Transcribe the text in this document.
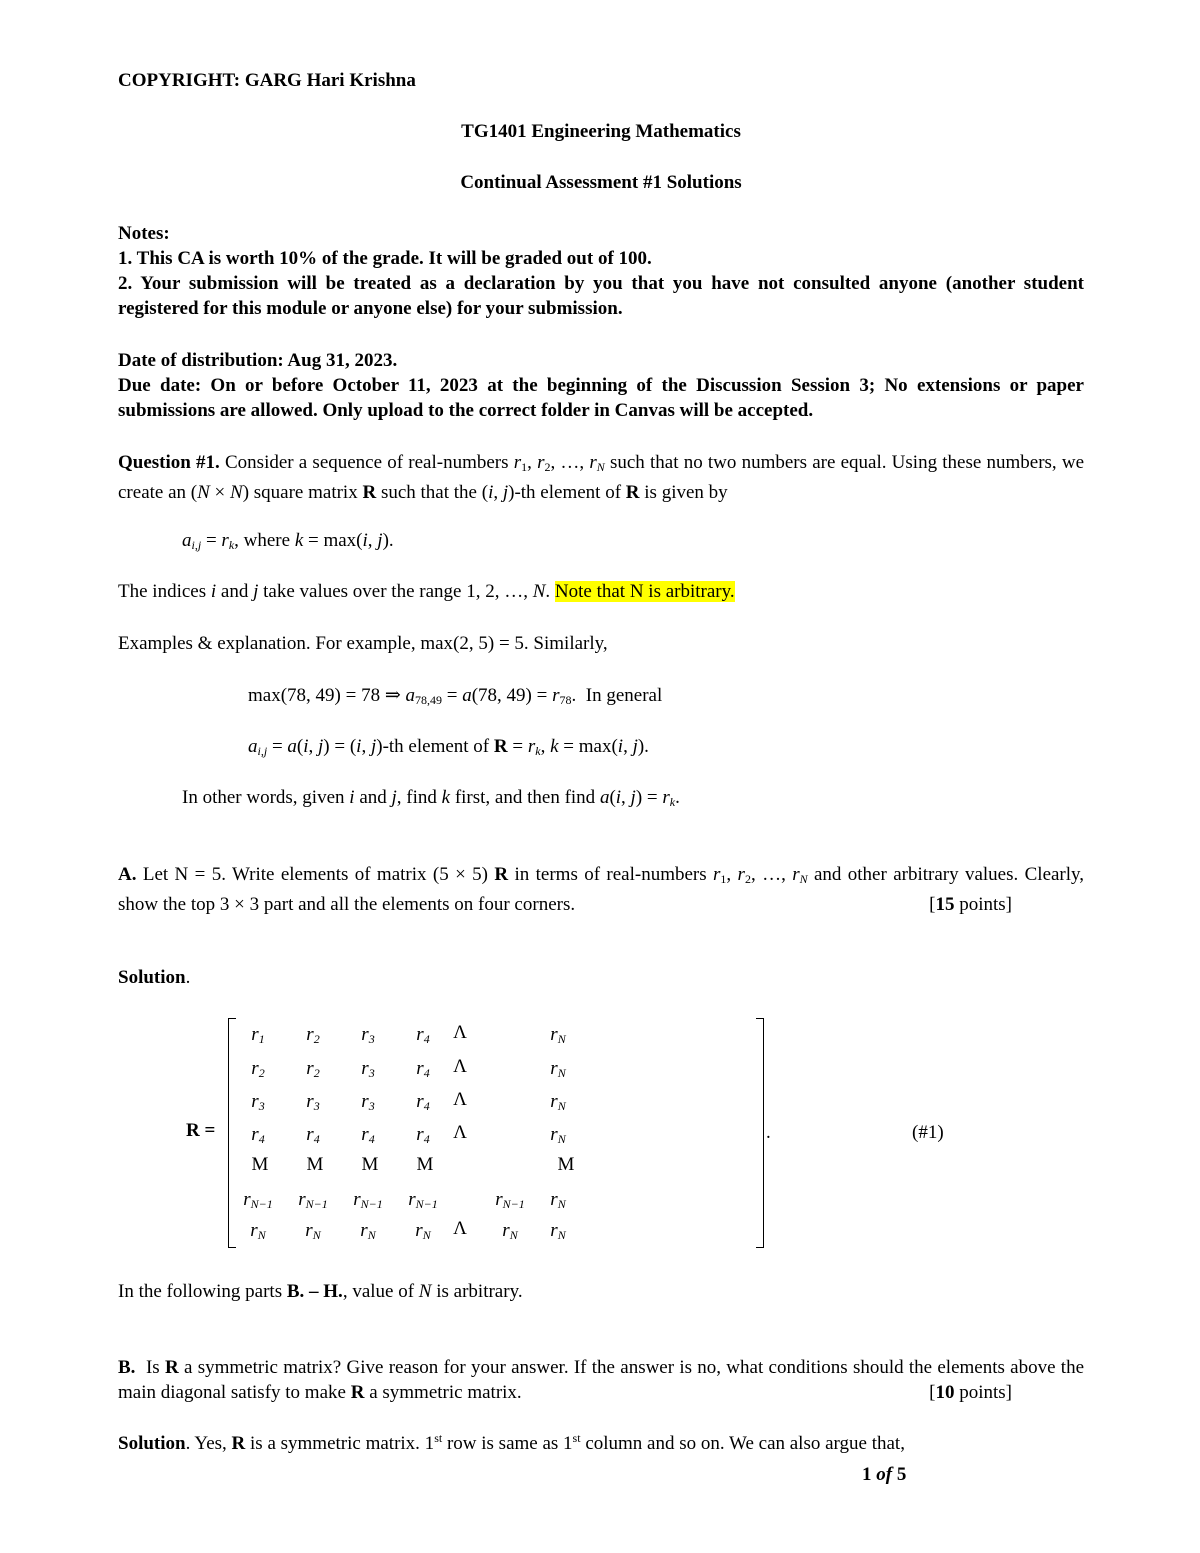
COPYRIGHT: GARG Hari Krishna
TG1401 Engineering Mathematics
Continual Assessment #1 Solutions
Notes:
1. This CA is worth 10% of the grade. It will be graded out of 100.
2. Your submission will be treated as a declaration by you that you have not consulted anyone (another student registered for this module or anyone else) for your submission.
Date of distribution: Aug 31, 2023.
Due date: On or before October 11, 2023 at the beginning of the Discussion Session 3; No extensions or paper submissions are allowed. Only upload to the correct folder in Canvas will be accepted.
Question #1. Consider a sequence of real-numbers $r_1$, $r_2$, …, $r_N$ such that no two numbers are equal. Using these numbers, we create an (N × N) square matrix R such that the (i, j)-th element of R is given by
$a_{i,j} = r_k$, where k = max(i, j).
The indices i and j take values over the range 1, 2, …, N. Note that N is arbitrary.
Examples & explanation. For example, max(2, 5) = 5. Similarly,
max(78, 49) = 78 ⇒ $a_{78,49} = a(78$, $49) = r_{78}$.  In general
$a_{i,j} = a(i$, j) = (i, j)-th element of $R = r_k$, k = max(i, j).
In other words, given i and j, find k first, and then find a(i, $j) = r_k$.
A. Let N = 5. Write elements of matrix (5 × 5) R in terms of real-numbers $r_1$, $r_2$, …, $r_N$ and other arbitrary values. Clearly, show the top 3 × 3 part and all the elements on four corners.	[15 points]
Solution.
R =
$r_1$	$r_2$	$r_3$	$r_4$	Λ	$r_N$
$r_2$	$r_2$	$r_3$	$r_4$	Λ	$r_N$
$r_3$	$r_3$	$r_3$	$r_4$	Λ	$r_N$
$r_4$	$r_4$	$r_4$	$r_4$	Λ	$r_N$	.
M	M	M	M	M
$r_{N-1}$	$r_{N-1}$	$r_{N-1}$	$r_{N-1}$	$r_{N-1}$	$r_N$
$r_N$	$r_N$	$r_N$	$r_N$	Λ	$r_N$	$r_N$
(#1)
In the following parts B. – H., value of N is arbitrary.
B. Is R a symmetric matrix? Give reason for your answer. If the answer is no, what conditions should the elements above the main diagonal satisfy to make R a symmetric matrix.	[10 points]
Solution. Yes, R is a symmetric matrix. 1st row is same as 1st column and so on. We can also argue that,
1 of 5
